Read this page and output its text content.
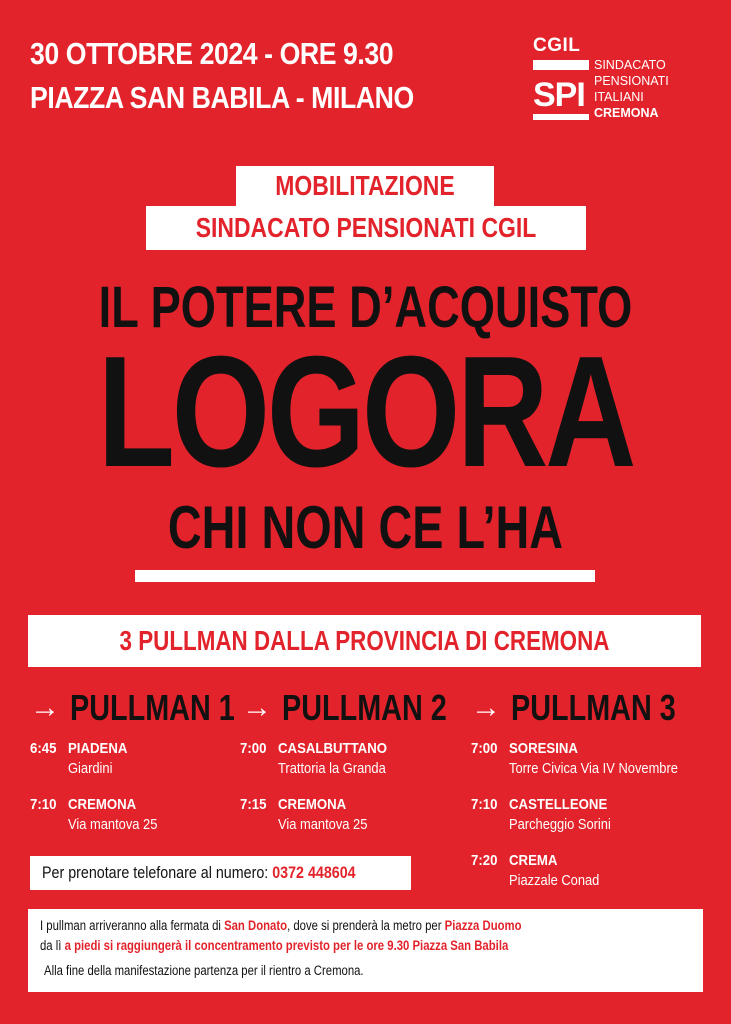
30 OTTOBRE 2024 - ORE 9.30
PIAZZA SAN BABILA - MILANO
CGIL
SPI
SINDACATO
PENSIONATI
ITALIANI
CREMONA
MOBILITAZIONE
SINDACATO PENSIONATI CGIL
IL POTERE D’ACQUISTO
LOGORA
CHI NON CE L’HA
3 PULLMAN DALLA PROVINCIA DI CREMONA
→ PULLMAN 1
6:45 PIADENA
Giardini
7:10 CREMONA
Via mantova 25
→ PULLMAN 2
7:00 CASALBUTTANO
Trattoria la Granda
7:15 CREMONA
Via mantova 25
→ PULLMAN 3
7:00 SORESINA
Torre Civica Via IV Novembre
7:10 CASTELLEONE
Parcheggio Sorini
7:20 CREMA
Piazzale Conad
Per prenotare telefonare al numero: 0372 448604
I pullman arriveranno alla fermata di San Donato, dove si prenderà la metro per Piazza Duomo
da lì a piedi si raggiungerà il concentramento previsto per le ore 9.30 Piazza San Babila
Alla fine della manifestazione partenza per il rientro a Cremona.
